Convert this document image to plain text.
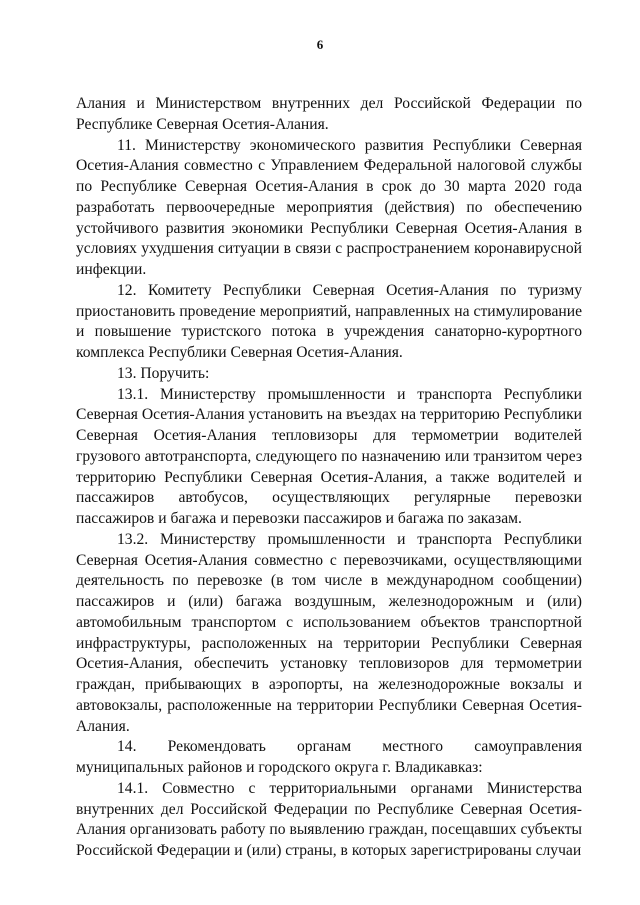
6

Алания и Министерством внутренних дел Российской Федерации по Республике Северная Осетия-Алания.

11. Министерству экономического развития Республики Северная Осетия-Алания совместно с Управлением Федеральной налоговой службы по Республике Северная Осетия-Алания в срок до 30 марта 2020 года разработать первоочередные мероприятия (действия) по обеспечению устойчивого развития экономики Республики Северная Осетия-Алания в условиях ухудшения ситуации в связи с распространением коронавирусной инфекции.

12. Комитету Республики Северная Осетия-Алания по туризму приостановить проведение мероприятий, направленных на стимулирование и повышение туристского потока в учреждения санаторно-курортного комплекса Республики Северная Осетия-Алания.

13. Поручить:

13.1. Министерству промышленности и транспорта Республики Северная Осетия-Алания установить на въездах на территорию Республики Северная Осетия-Алания тепловизоры для термометрии водителей грузового автотранспорта, следующего по назначению или транзитом через территорию Республики Северная Осетия-Алания, а также водителей и пассажиров автобусов, осуществляющих регулярные перевозки пассажиров и багажа и перевозки пассажиров и багажа по заказам.

13.2. Министерству промышленности и транспорта Республики Северная Осетия-Алания совместно с перевозчиками, осуществляющими деятельность по перевозке (в том числе в международном сообщении) пассажиров и (или) багажа воздушным, железнодорожным и (или) автомобильным транспортом с использованием объектов транспортной инфраструктуры, расположенных на территории Республики Северная Осетия-Алания, обеспечить установку тепловизоров для термометрии граждан, прибывающих в аэропорты, на железнодорожные вокзалы и автовокзалы, расположенные на территории Республики Северная Осетия-Алания.

14. Рекомендовать органам местного самоуправления муниципальных районов и городского округа г. Владикавказ:

14.1. Совместно с территориальными органами Министерства внутренних дел Российской Федерации по Республике Северная Осетия-Алания организовать работу по выявлению граждан, посещавших субъекты Российской Федерации и (или) страны, в которых зарегистрированы случаи
